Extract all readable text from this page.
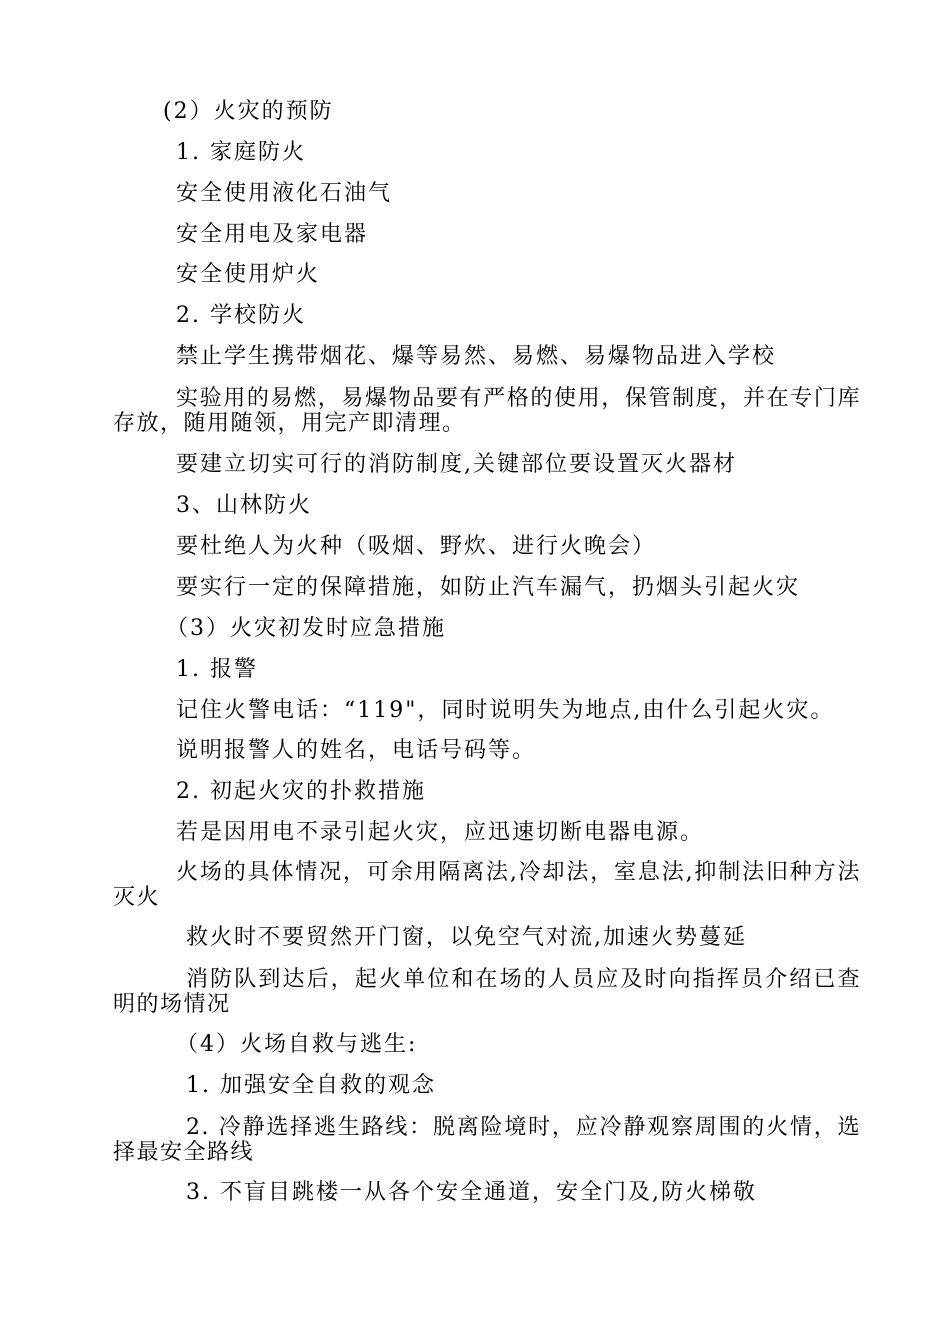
(2）火灾的预防

1. 家庭防火

安全使用液化石油气

安全用电及家电器

安全使用炉火

2. 学校防火

禁止学生携带烟花、爆等易然、易燃、易爆物品进入学校

实验用的易燃，易爆物品要有严格的使用，保管制度，并在专门库存放，随用随领，用完产即清理。

要建立切实可行的消防制度,关键部位要设置灭火器材

3、山林防火

要杜绝人为火种（吸烟、野炊、进行火晚会）

要实行一定的保障措施，如防止汽车漏气，扔烟头引起火灾

（3）火灾初发时应急措施

1. 报警

记住火警电话：“119"，同时说明失为地点,由什么引起火灾。

说明报警人的姓名，电话号码等。

2. 初起火灾的扑救措施

若是因用电不录引起火灾，应迅速切断电器电源。

火场的具体情况，可余用隔离法,冷却法，室息法,抑制法旧种方法灭火

救火时不要贸然开门窗，以免空气对流,加速火势蔓延

消防队到达后，起火单位和在场的人员应及时向指挥员介绍已查明的场情况

（4）火场自救与逃生:

1. 加强安全自救的观念

2. 冷静选择逃生路线：脱离险境时，应冷静观察周围的火情，选择最安全路线

3. 不盲目跳楼一从各个安全通道，安全门及,防火梯敬
